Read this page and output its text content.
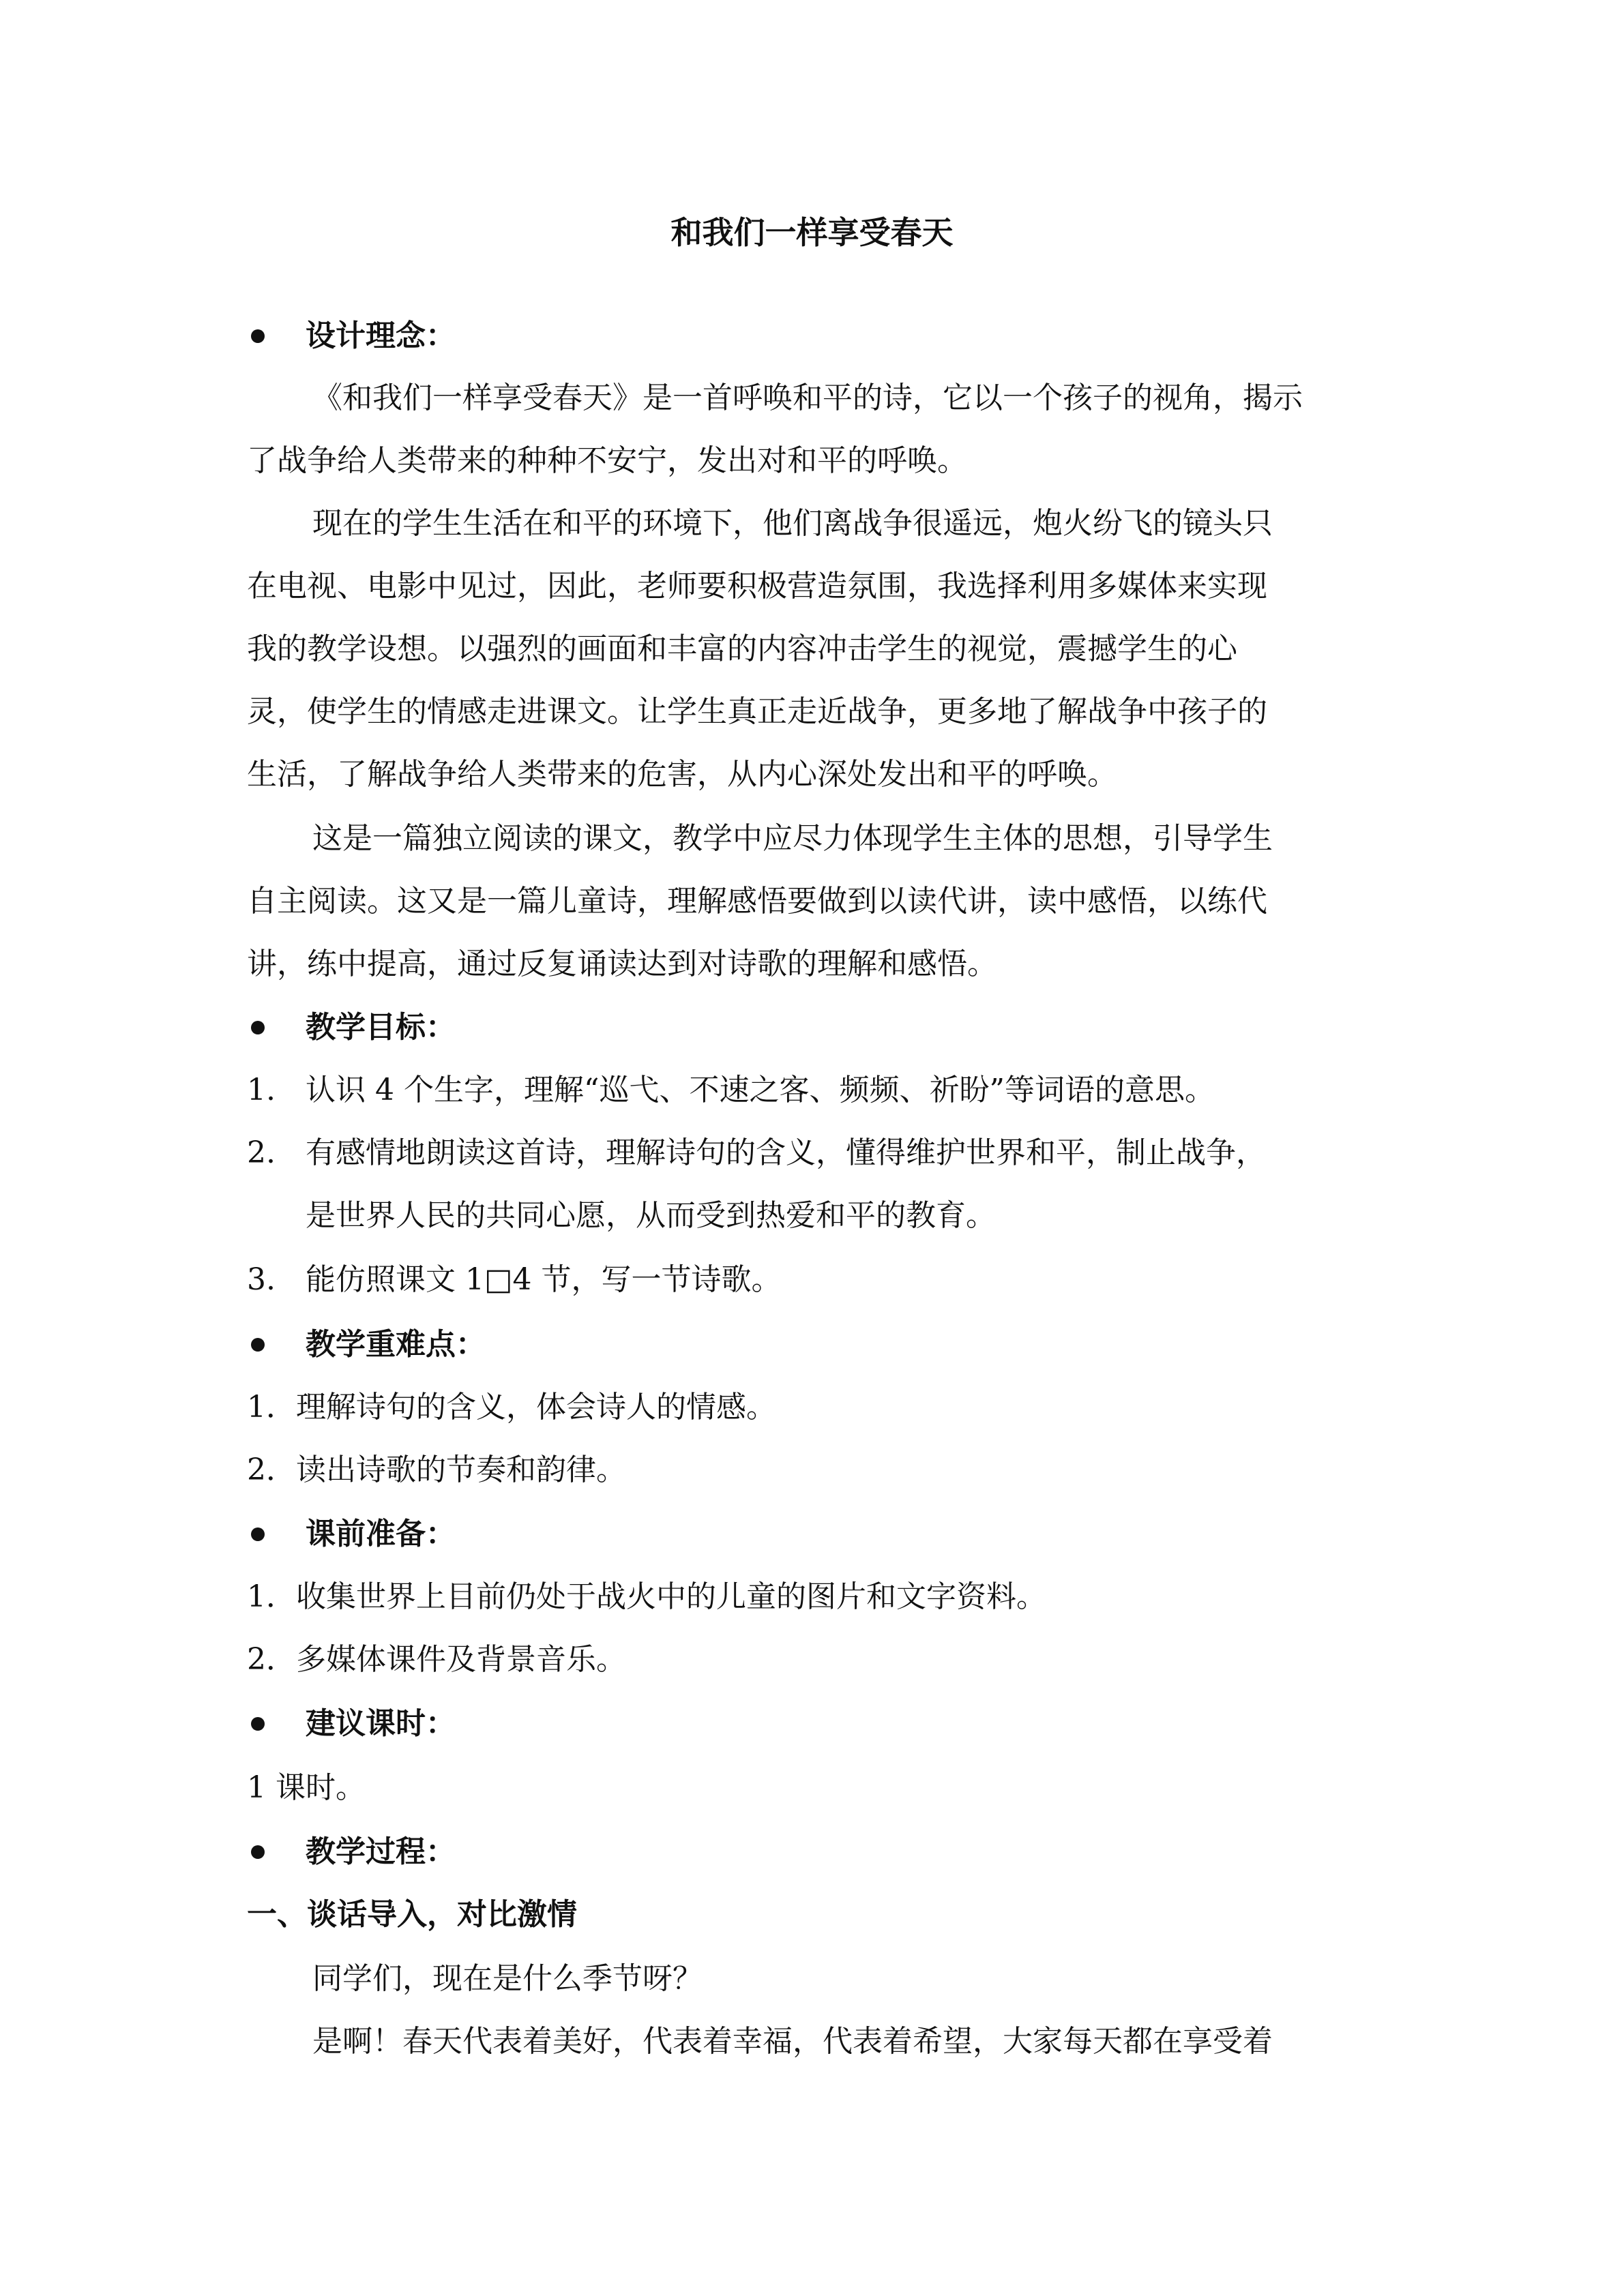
和我们一样享受春天
设计理念：
《和我们一样享受春天》是一首呼唤和平的诗，它以一个孩子的视角，揭示
了战争给人类带来的种种不安宁，发出对和平的呼唤。
现在的学生生活在和平的环境下，他们离战争很遥远，炮火纷飞的镜头只
在电视、电影中见过，因此，老师要积极营造氛围，我选择利用多媒体来实现
我的教学设想。以强烈的画面和丰富的内容冲击学生的视觉，震撼学生的心
灵，使学生的情感走进课文。让学生真正走近战争，更多地了解战争中孩子的
生活，了解战争给人类带来的危害，从内心深处发出和平的呼唤。
这是一篇独立阅读的课文，教学中应尽力体现学生主体的思想，引导学生
自主阅读。这又是一篇儿童诗，理解感悟要做到以读代讲，读中感悟，以练代
讲，练中提高，通过反复诵读达到对诗歌的理解和感悟。
教学目标：
1. 认识 4 个生字，理解“巡弋、不速之客、频频、祈盼”等词语的意思。
2. 有感情地朗读这首诗，理解诗句的含义，懂得维护世界和平，制止战争，
是世界人民的共同心愿，从而受到热爱和平的教育。
3. 能仿照课文 1□4 节，写一节诗歌。
教学重难点：
1．理解诗句的含义，体会诗人的情感。
2．读出诗歌的节奏和韵律。
课前准备：
1．收集世界上目前仍处于战火中的儿童的图片和文字资料。
2．多媒体课件及背景音乐。
建议课时：
1 课时。
教学过程：
一、谈话导入，对比激情
同学们，现在是什么季节呀？
是啊！春天代表着美好，代表着幸福，代表着希望，大家每天都在享受着
